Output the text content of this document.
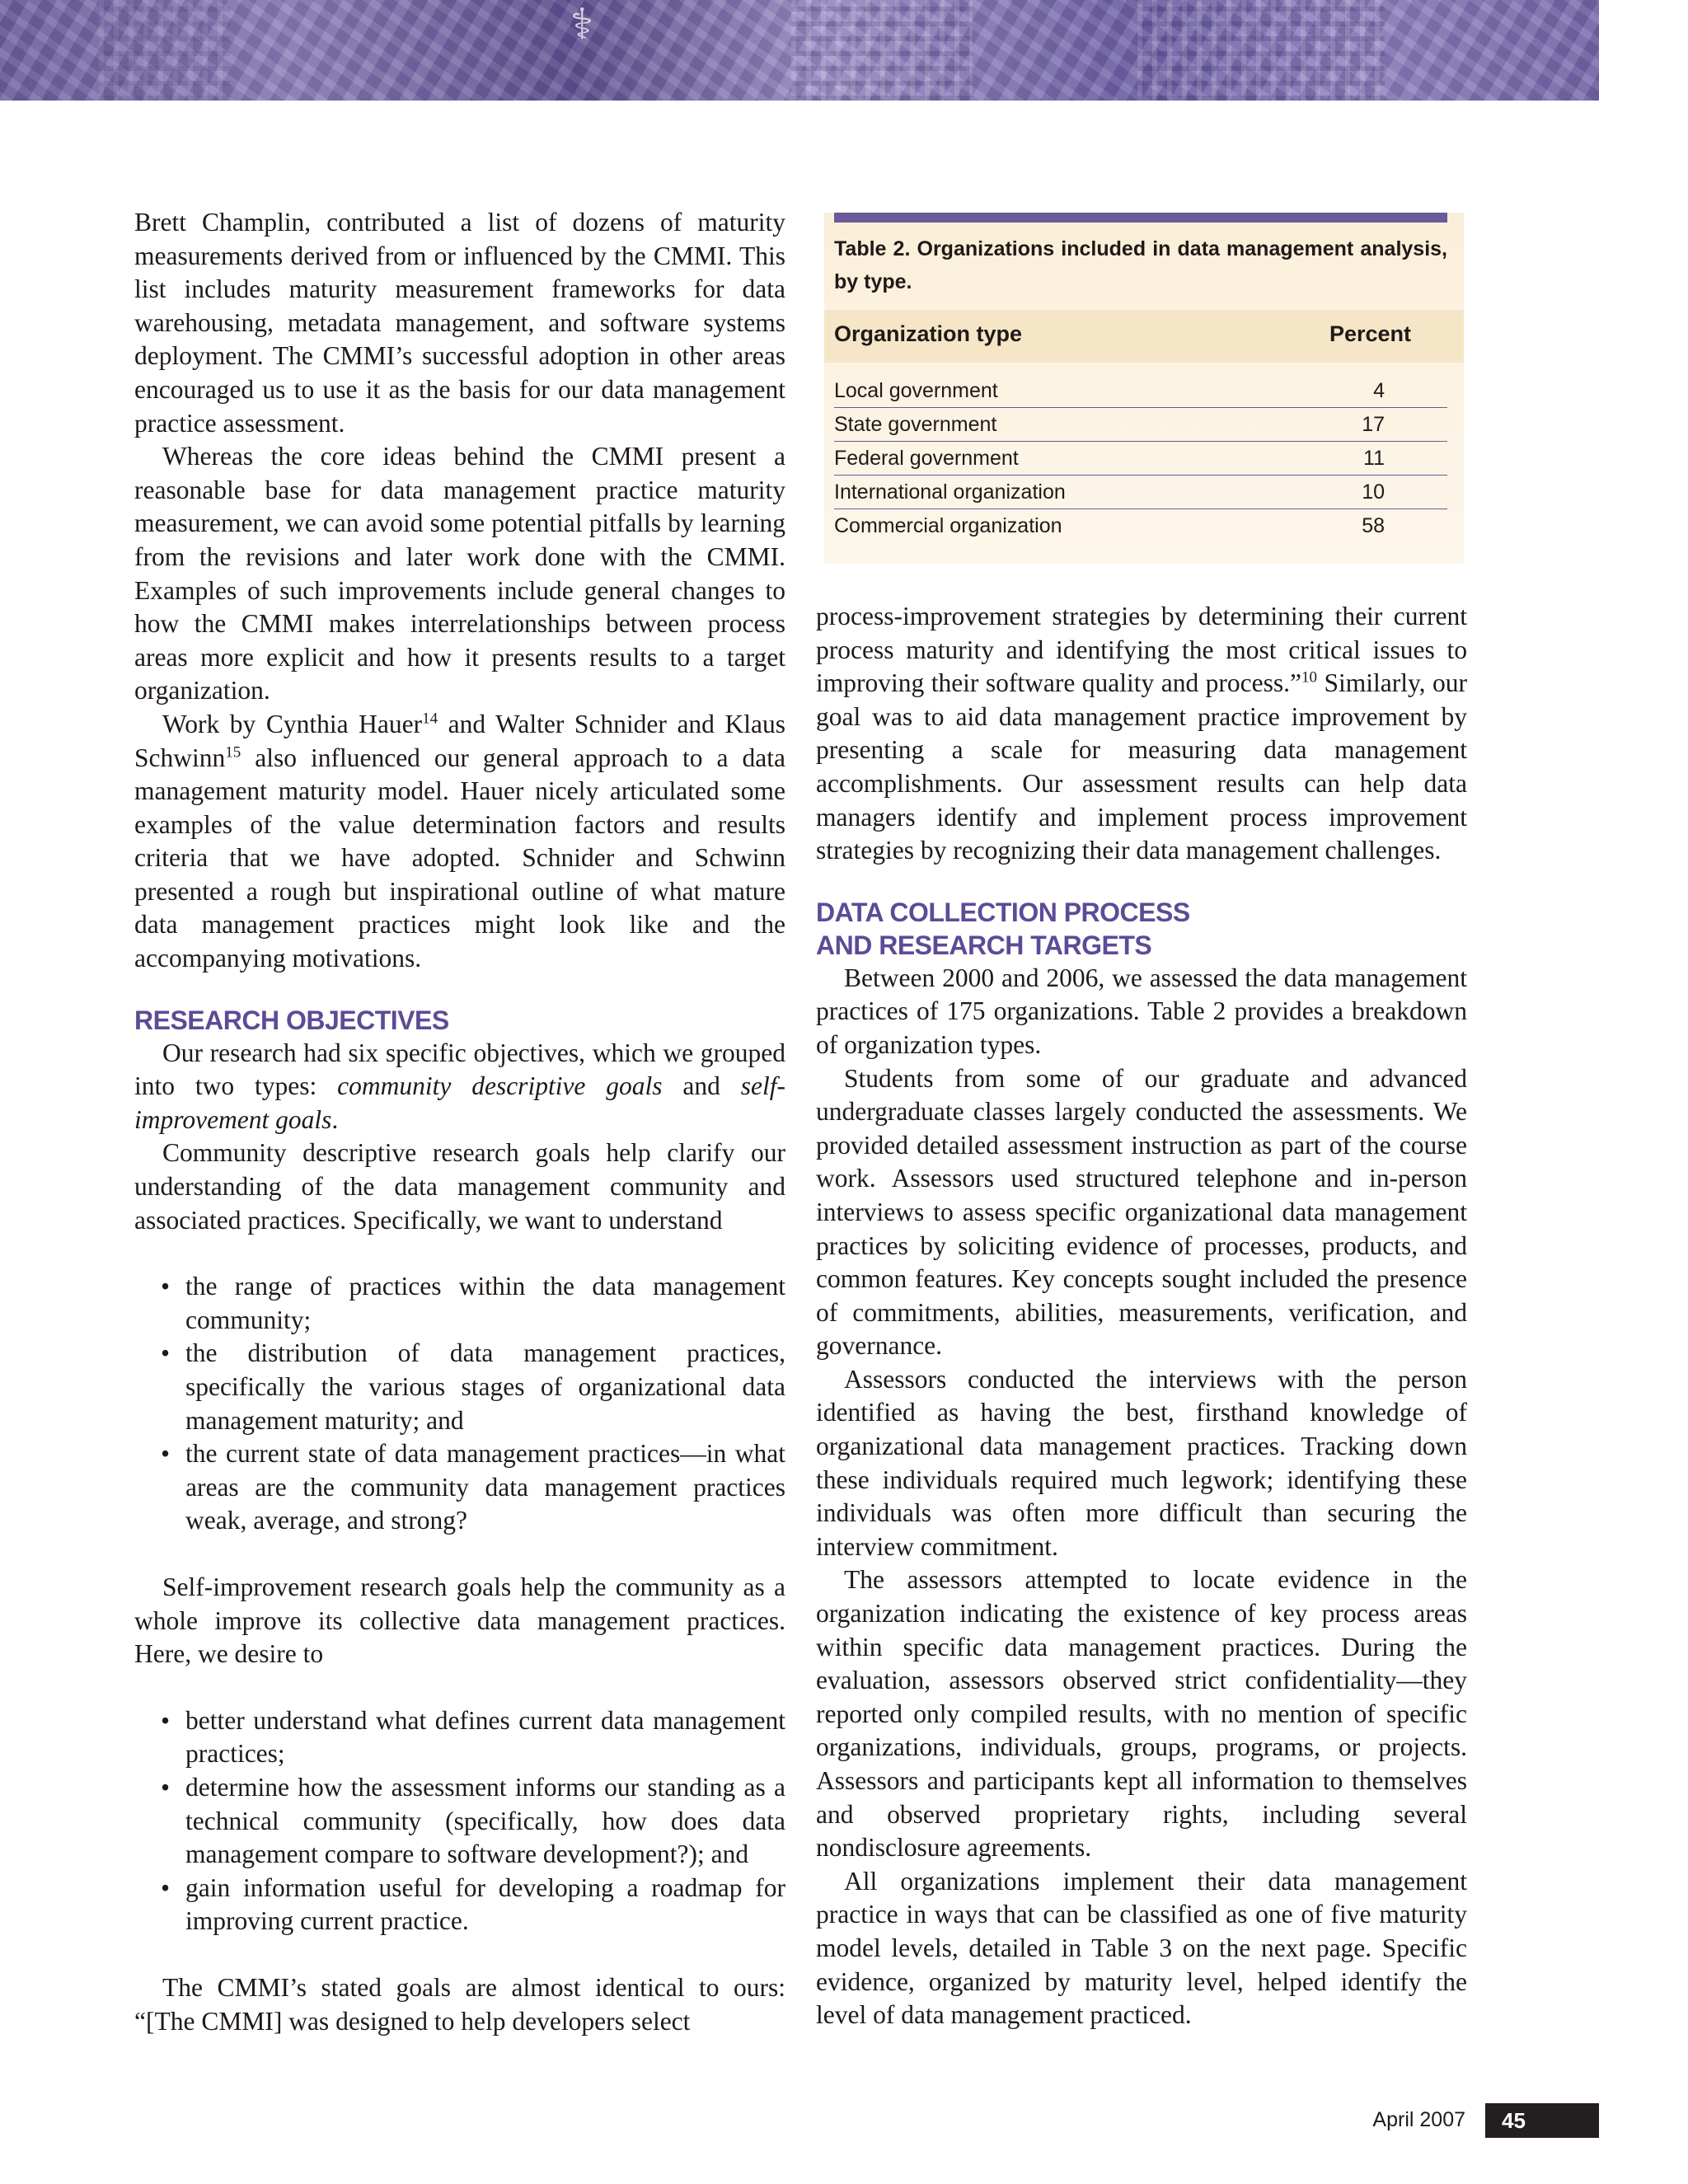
⚕

Brett Champlin, contributed a list of dozens of maturity measurements derived from or influenced by the CMMI. This list includes maturity measurement frameworks for data warehousing, metadata management, and software systems deployment. The CMMI’s successful adoption in other areas encouraged us to use it as the basis for our data management practice assessment.

Whereas the core ideas behind the CMMI present a reasonable base for data management practice maturity measurement, we can avoid some potential pitfalls by learning from the revisions and later work done with the CMMI. Examples of such improvements include general changes to how the CMMI makes interrelationships between process areas more explicit and how it presents results to a target organization.

Work by Cynthia Hauer$^{14}$ and Walter Schnider and Klaus Schwinn$^{15}$ also influenced our general approach to a data management maturity model. Hauer nicely articulated some examples of the value determination factors and results criteria that we have adopted. Schnider and Schwinn presented a rough but inspirational outline of what mature data management practices might look like and the accompanying motivations.

RESEARCH OBJECTIVES

Our research had six specific objectives, which we grouped into two types: community descriptive goals and self-improvement goals.

Community descriptive research goals help clarify our understanding of the data management community and associated practices. Specifically, we want to understand

• the range of practices within the data management community;
• the distribution of data management practices, specifically the various stages of organizational data management maturity; and
• the current state of data management practices—in what areas are the community data management practices weak, average, and strong?

Self-improvement research goals help the community as a whole improve its collective data management practices. Here, we desire to

• better understand what defines current data management practices;
• determine how the assessment informs our standing as a technical community (specifically, how does data management compare to software development?); and
• gain information useful for developing a roadmap for improving current practice.

The CMMI’s stated goals are almost identical to ours: “[The CMMI] was designed to help developers select

Table 2. Organizations included in data management analysis, by type.
Organization type	Percent
Local government	4
State government	17
Federal government	11
International organization	10
Commercial organization	58

process-improvement strategies by determining their current process maturity and identifying the most critical issues to improving their software quality and process.”$^{10}$ Similarly, our goal was to aid data management practice improvement by presenting a scale for measuring data management accomplishments. Our assessment results can help data managers identify and implement process improvement strategies by recognizing their data management challenges.

DATA COLLECTION PROCESS
AND RESEARCH TARGETS

Between 2000 and 2006, we assessed the data management practices of 175 organizations. Table 2 provides a breakdown of organization types.

Students from some of our graduate and advanced undergraduate classes largely conducted the assessments. We provided detailed assessment instruction as part of the course work. Assessors used structured telephone and in-person interviews to assess specific organizational data management practices by soliciting evidence of processes, products, and common features. Key concepts sought included the presence of commitments, abilities, measurements, verification, and governance.

Assessors conducted the interviews with the person identified as having the best, firsthand knowledge of organizational data management practices. Tracking down these individuals required much legwork; identifying these individuals was often more difficult than securing the interview commitment.

The assessors attempted to locate evidence in the organization indicating the existence of key process areas within specific data management practices. During the evaluation, assessors observed strict confidentiality—they reported only compiled results, with no mention of specific organizations, individuals, groups, programs, or projects. Assessors and participants kept all information to themselves and observed proprietary rights, including several nondisclosure agreements.

All organizations implement their data management practice in ways that can be classified as one of five maturity model levels, detailed in Table 3 on the next page. Specific evidence, organized by maturity level, helped identify the level of data management practiced.

April 2007	45
